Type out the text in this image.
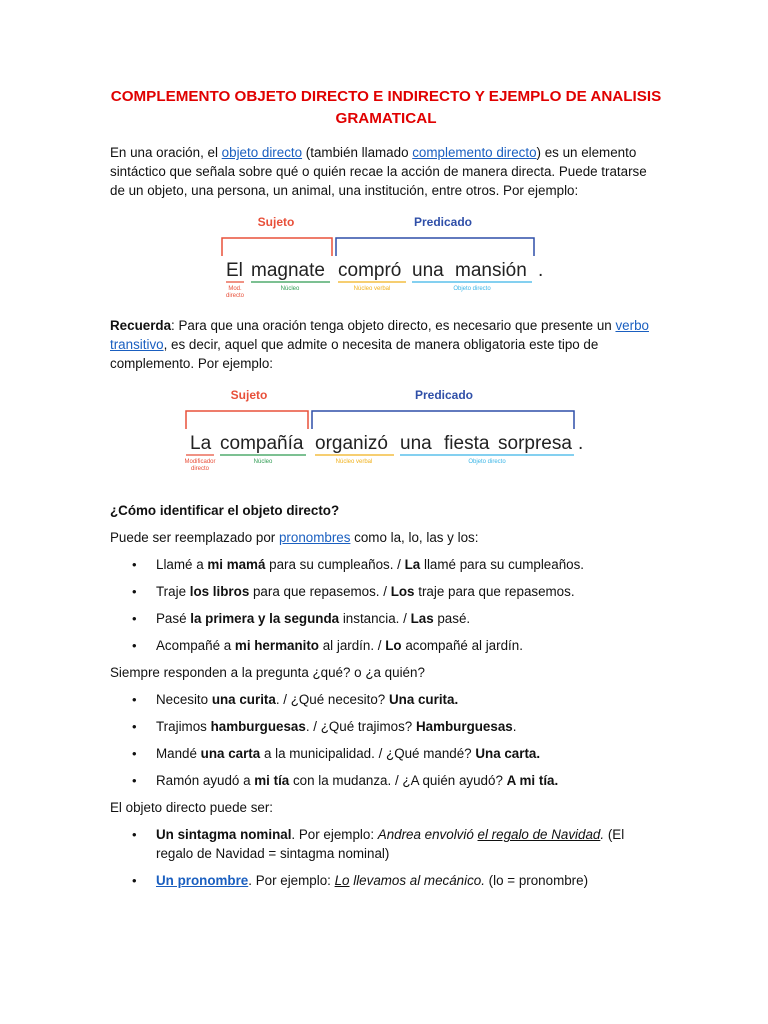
COMPLEMENTO OBJETO DIRECTO E INDIRECTO Y EJEMPLO DE ANALISIS
GRAMATICAL

En una oración, el objeto directo (también llamado complemento directo) es un elemento sintáctico que señala sobre qué o quién recae la acción de manera directa. Puede tratarse de un objeto, una persona, un animal, una institución, entre otros. Por ejemplo:

Sujeto	Predicado
El magnate compró una mansión .
Mod.
directo
Núcleo	Núcleo verbal	Objeto directo

Recuerda: Para que una oración tenga objeto directo, es necesario que presente un verbo transitivo, es decir, aquel que admite o necesita de manera obligatoria este tipo de complemento. Por ejemplo:

Sujeto	Predicado
La compañía organizó una fiesta sorpresa .
Modificador
directo
Núcleo	Núcleo verbal	Objeto directo

¿Cómo identificar el objeto directo?

Puede ser reemplazado por pronombres como la, lo, las y los:

• Llamé a mi mamá para su cumpleaños. / La llamé para su cumpleaños.
• Traje los libros para que repasemos. / Los traje para que repasemos.
• Pasé la primera y la segunda instancia. / Las pasé.
• Acompañé a mi hermanito al jardín. / Lo acompañé al jardín.

Siempre responden a la pregunta ¿qué? o ¿a quién?

• Necesito una curita. / ¿Qué necesito? Una curita.
• Trajimos hamburguesas. / ¿Qué trajimos? Hamburguesas.
• Mandé una carta a la municipalidad. / ¿Qué mandé? Una carta.
• Ramón ayudó a mi tía con la mudanza. / ¿A quién ayudó? A mi tía.

El objeto directo puede ser:

• Un sintagma nominal. Por ejemplo: Andrea envolvió el regalo de Navidad. (El regalo de Navidad = sintagma nominal)
• Un pronombre. Por ejemplo: Lo llevamos al mecánico. (lo = pronombre)
